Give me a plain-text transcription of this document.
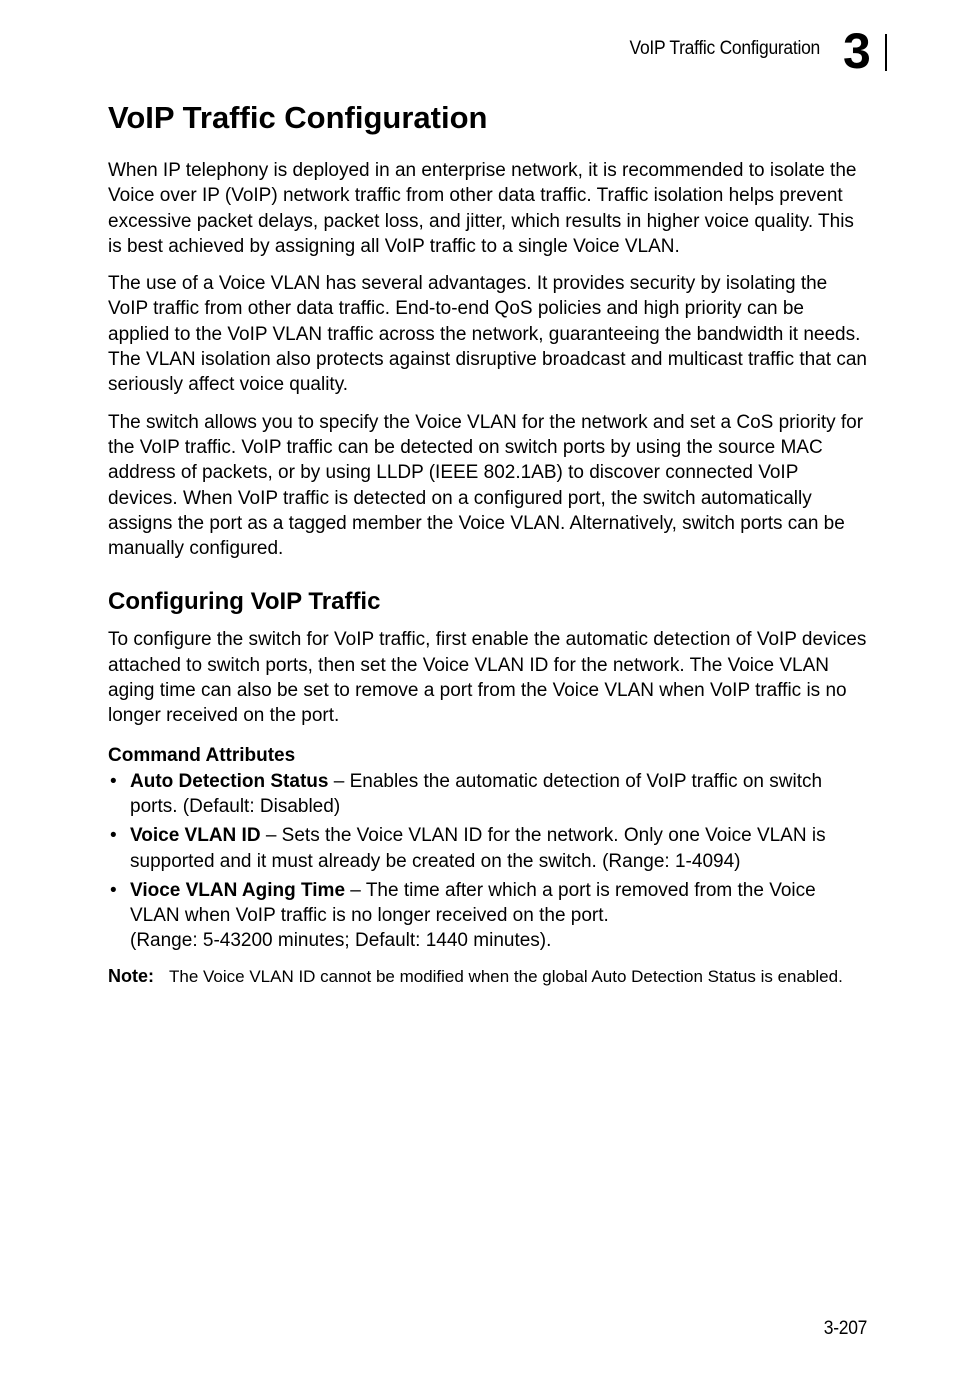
VoIP Traffic Configuration 3
VoIP Traffic Configuration

When IP telephony is deployed in an enterprise network, it is recommended to isolate the Voice over IP (VoIP) network traffic from other data traffic. Traffic isolation helps prevent excessive packet delays, packet loss, and jitter, which results in higher voice quality. This is best achieved by assigning all VoIP traffic to a single Voice VLAN.

The use of a Voice VLAN has several advantages. It provides security by isolating the VoIP traffic from other data traffic. End-to-end QoS policies and high priority can be applied to the VoIP VLAN traffic across the network, guaranteeing the bandwidth it needs. The VLAN isolation also protects against disruptive broadcast and multicast traffic that can seriously affect voice quality.

The switch allows you to specify the Voice VLAN for the network and set a CoS priority for the VoIP traffic. VoIP traffic can be detected on switch ports by using the source MAC address of packets, or by using LLDP (IEEE 802.1AB) to discover connected VoIP devices. When VoIP traffic is detected on a configured port, the switch automatically assigns the port as a tagged member the Voice VLAN. Alternatively, switch ports can be manually configured.

Configuring VoIP Traffic

To configure the switch for VoIP traffic, first enable the automatic detection of VoIP devices attached to switch ports, then set the Voice VLAN ID for the network. The Voice VLAN aging time can also be set to remove a port from the Voice VLAN when VoIP traffic is no longer received on the port.

Command Attributes
• Auto Detection Status – Enables the automatic detection of VoIP traffic on switch ports. (Default: Disabled)
• Voice VLAN ID – Sets the Voice VLAN ID for the network. Only one Voice VLAN is supported and it must already be created on the switch. (Range: 1-4094)
• Vioce VLAN Aging Time – The time after which a port is removed from the Voice VLAN when VoIP traffic is no longer received on the port.
(Range: 5-43200 minutes; Default: 1440 minutes).
Note: The Voice VLAN ID cannot be modified when the global Auto Detection Status is enabled.
3-207
